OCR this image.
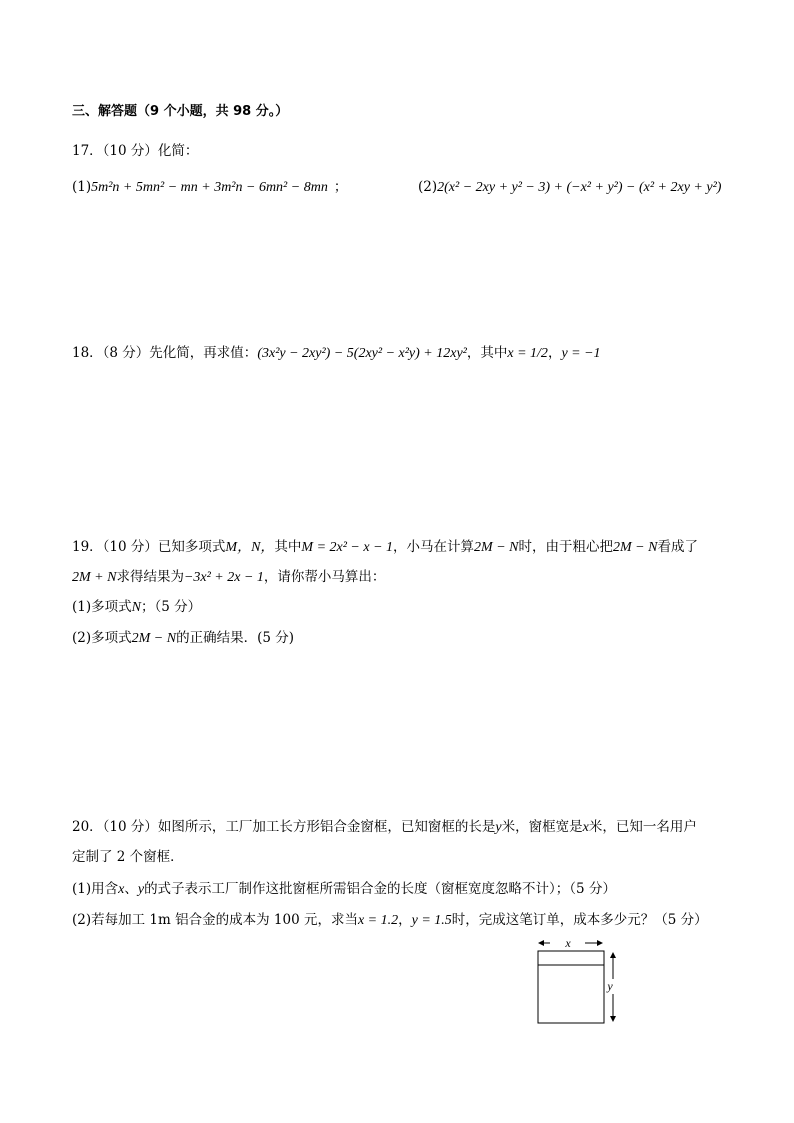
三、解答题（9 个小题，共 98 分。）
17．（10 分）化简：
(1)5m²n + 5mn² − mn + 3m²n − 6mn² − 8mn ；	(2)2(x² − 2xy + y² − 3) + (−x² + y²) − (x² + 2xy + y²)
18．（8 分）先化简，再求值：(3x²y − 2xy²) − 5(2xy² − x²y) + 12xy²，其中x = 1/2，y = −1
19．（10 分）已知多项式M，N，其中M = 2x² − x − 1，小马在计算2M − N时，由于粗心把2M − N看成了
2M + N求得结果为−3x² + 2x − 1，请你帮小马算出：
(1)多项式N；（5 分）
(2)多项式2M − N的正确结果．(5 分)
20．（10 分）如图所示，工厂加工长方形铝合金窗框，已知窗框的长是y米，窗框宽是x米，已知一名用户
定制了 2 个窗框．
(1)用含x、y的式子表示工厂制作这批窗框所需铝合金的长度（窗框宽度忽略不计）；（5 分）
(2)若每加工 1m 铝合金的成本为 100 元，求当x = 1.2，y = 1.5时，完成这笔订单，成本多少元？（5 分）
x
y
